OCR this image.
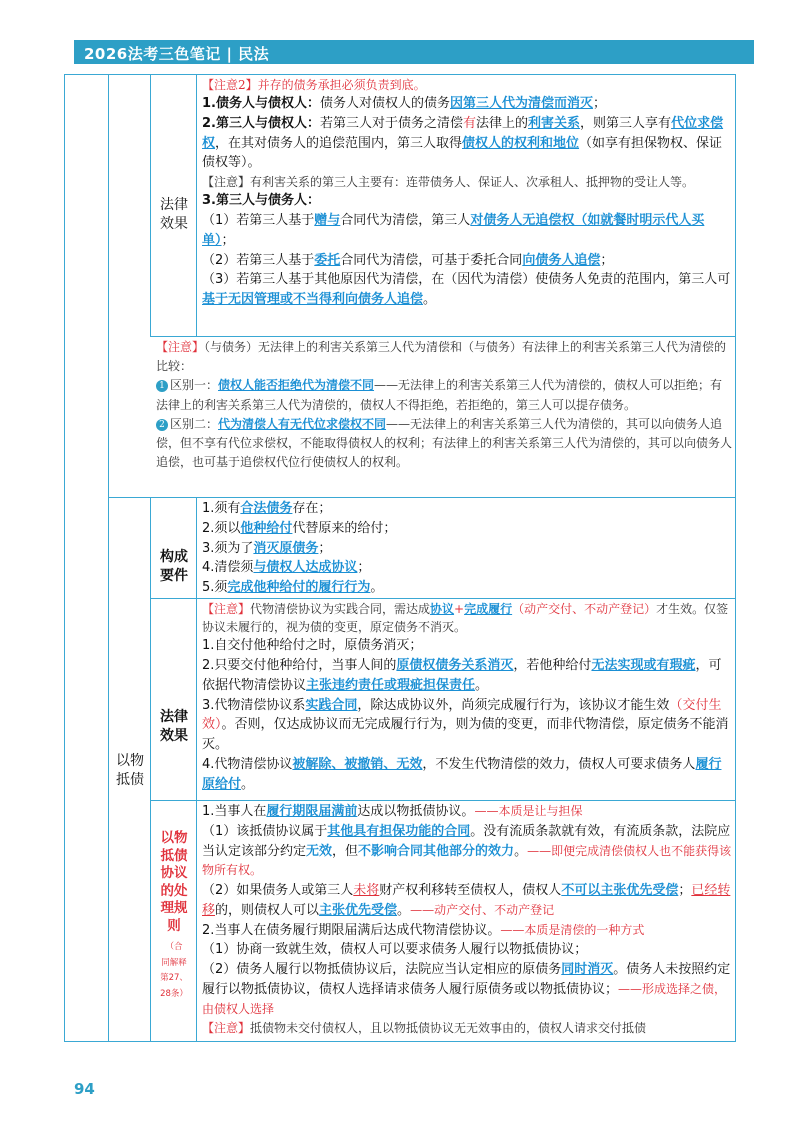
2026法考三色笔记 | 民法
法律
效果
以物
抵债
构成
要件
法律
效果
以物
抵债
协议
的处
理规
则
（合
同解释
第27、
28条）

【注意2】并存的债务承担必须负责到底。

1.债务人与债权人：债务人对债权人的债务因第三人代为清偿而消灭；

2.第三人与债权人：若第三人对于债务之清偿有法律上的利害关系，则第三人享有代位求偿权，在其对债务人的追偿范围内，第三人取得债权人的权利和地位（如享有担保物权、保证债权等）。

【注意】有利害关系的第三人主要有：连带债务人、保证人、次承租人、抵押物的受让人等。

3.第三人与债务人：

（1）若第三人基于赠与合同代为清偿，第三人对债务人无追偿权（如就餐时明示代人买单）；

（2）若第三人基于委托合同代为清偿，可基于委托合同向债务人追偿；

（3）若第三人基于其他原因代为清偿，在（因代为清偿）使债务人免责的范围内，第三人可基于无因管理或不当得利向债务人追偿。

【注意】（与债务）无法律上的利害关系第三人代为清偿和（与债务）有法律上的利害关系第三人代为清偿的比较：

1 区别一：债权人能否拒绝代为清偿不同——无法律上的利害关系第三人代为清偿的，债权人可以拒绝；有法律上的利害关系第三人代为清偿的，债权人不得拒绝，若拒绝的，第三人可以提存债务。

2 区别二：代为清偿人有无代位求偿权不同——无法律上的利害关系第三人代为清偿的，其可以向债务人追偿，但不享有代位求偿权，不能取得债权人的权利；有法律上的利害关系第三人代为清偿的，其可以向债务人追偿，也可基于追偿权代位行使债权人的权利。

1.须有合法债务存在；

2.须以他种给付代替原来的给付；

3.须为了消灭原债务；

4.清偿须与债权人达成协议；

5.须完成他种给付的履行行为。

【注意】代物清偿协议为实践合同，需达成协议+完成履行（动产交付、不动产登记）才生效。仅签协议未履行的，视为债的变更，原定债务不消灭。

1.自交付他种给付之时，原债务消灭；

2.只要交付他种给付，当事人间的原债权债务关系消灭，若他种给付无法实现或有瑕疵，可依据代物清偿协议主张违约责任或瑕疵担保责任。

3.代物清偿协议系实践合同，除达成协议外，尚须完成履行行为，该协议才能生效（交付生效）。否则，仅达成协议而无完成履行行为，则为债的变更，而非代物清偿，原定债务不能消灭。

4.代物清偿协议被解除、被撤销、无效，不发生代物清偿的效力，债权人可要求债务人履行原给付。

1.当事人在履行期限届满前达成以物抵债协议。——本质是让与担保

（1）该抵债协议属于其他具有担保功能的合同。没有流质条款就有效，有流质条款，法院应当认定该部分约定无效，但不影响合同其他部分的效力。——即便完成清偿债权人也不能获得该物所有权。

（2）如果债务人或第三人未将财产权利移转至债权人，债权人不可以主张优先受偿；已经转移的，则债权人可以主张优先受偿。——动产交付、不动产登记

2.当事人在债务履行期限届满后达成代物清偿协议。——本质是清偿的一种方式

（1）协商一致就生效，债权人可以要求债务人履行以物抵债协议；

（2）债务人履行以物抵债协议后，法院应当认定相应的原债务同时消灭。债务人未按照约定履行以物抵债协议，债权人选择请求债务人履行原债务或以物抵债协议；——形成选择之债，由债权人选择

【注意】抵债物未交付债权人，且以物抵债协议无无效事由的，债权人请求交付抵债

94
